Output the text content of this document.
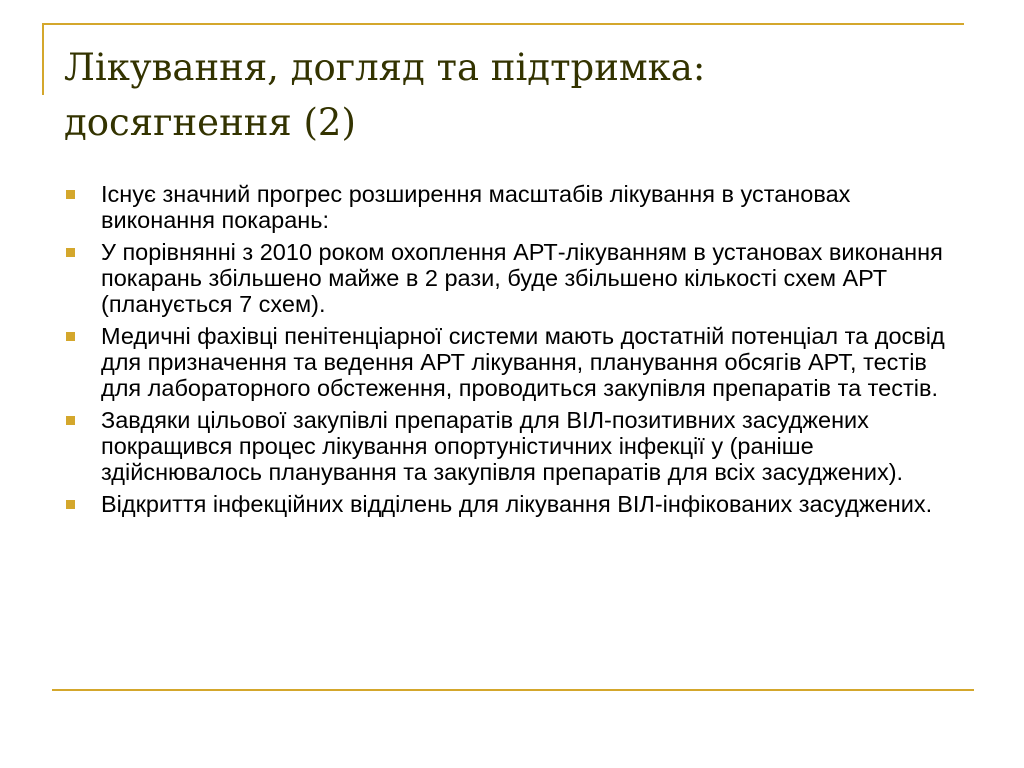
Лікування, догляд та підтримка: досягнення (2)
Існує значний прогрес розширення масштабів лікування в установах виконання покарань:
У порівнянні з 2010 роком охоплення АРТ-лікуванням в установах виконання покарань збільшено майже в 2 рази, буде збільшено кількості схем АРТ (планується 7 схем).
Медичні фахівці пенітенціарної системи мають достатній потенціал та досвід для призначення та ведення АРТ лікування, планування обсягів АРТ, тестів для лабораторного обстеження, проводиться закупівля препаратів та тестів.
Завдяки цільової закупівлі препаратів для ВІЛ-позитивних засуджених покращився процес лікування опортуністичних інфекції у (раніше здійснювалось планування та закупівля препаратів для всіх засуджених).
Відкриття інфекційних відділень для лікування ВІЛ-інфікованих засуджених.
